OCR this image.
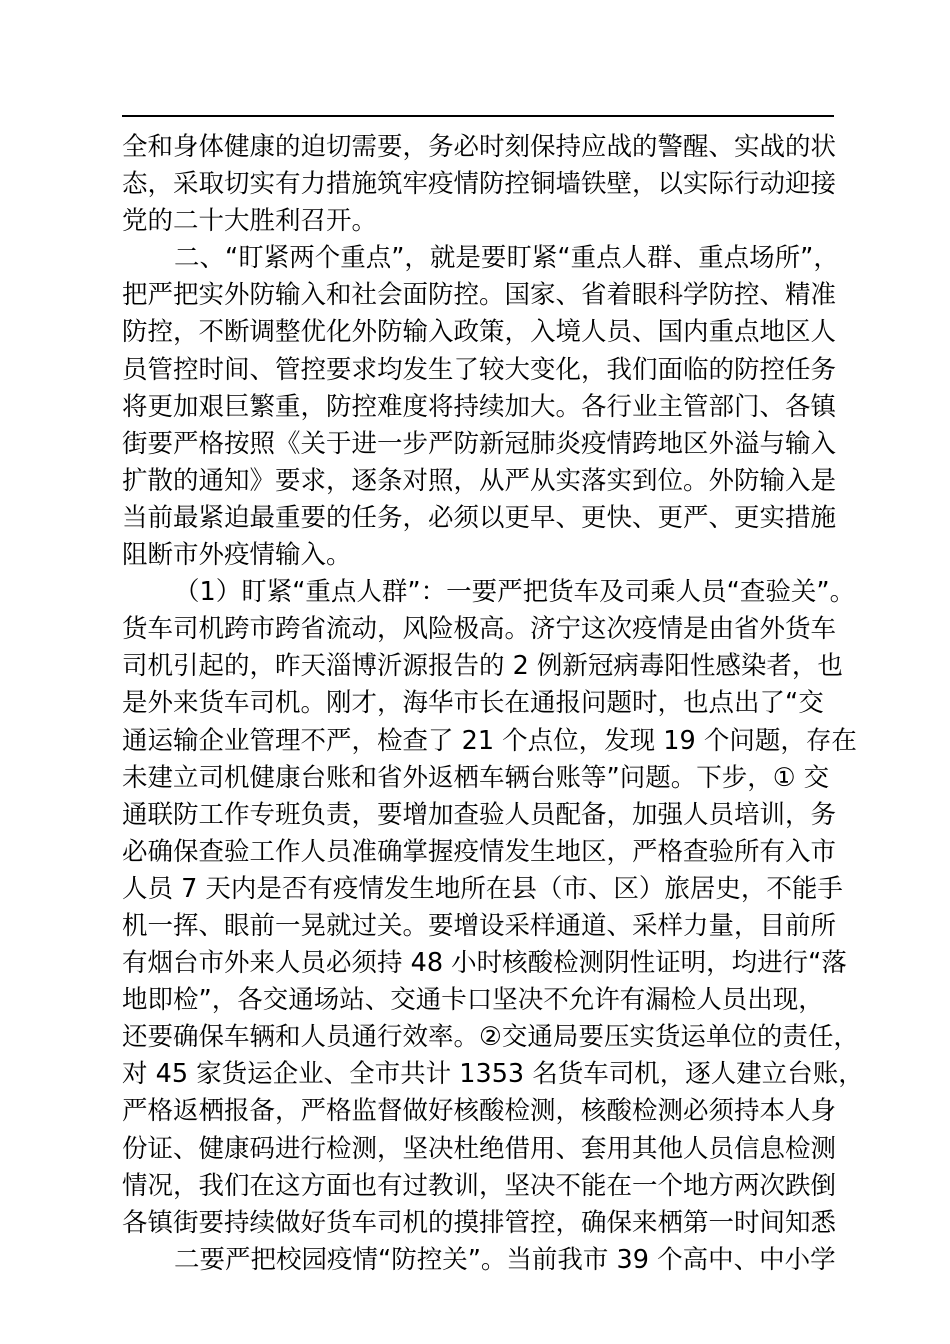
全和身体健康的迫切需要，务必时刻保持应战的警醒、实战的状
态，采取切实有力措施筑牢疫情防控铜墙铁壁，以实际行动迎接
党的二十大胜利召开。
二、“盯紧两个重点”，就是要盯紧“重点人群、重点场所”，
把严把实外防输入和社会面防控。国家、省着眼科学防控、精准
防控，不断调整优化外防输入政策，入境人员、国内重点地区人
员管控时间、管控要求均发生了较大变化，我们面临的防控任务
将更加艰巨繁重，防控难度将持续加大。各行业主管部门、各镇
街要严格按照《关于进一步严防新冠肺炎疫情跨地区外溢与输入
扩散的通知》要求，逐条对照，从严从实落实到位。外防输入是
当前最紧迫最重要的任务，必须以更早、更快、更严、更实措施
阻断市外疫情输入。
（1）盯紧“重点人群”：一要严把货车及司乘人员“查验关”。
货车司机跨市跨省流动，风险极高。济宁这次疫情是由省外货车
司机引起的，昨天淄博沂源报告的 2 例新冠病毒阳性感染者，也
是外来货车司机。刚才，海华市长在通报问题时，也点出了“交
通运输企业管理不严，检查了 21 个点位，发现 19 个问题，存在
未建立司机健康台账和省外返栖车辆台账等”问题。下步，① 交
通联防工作专班负责，要增加查验人员配备，加强人员培训，务
必确保查验工作人员准确掌握疫情发生地区，严格查验所有入市
人员 7 天内是否有疫情发生地所在县（市、区）旅居史，不能手
机一挥、眼前一晃就过关。要增设采样通道、采样力量，目前所
有烟台市外来人员必须持 48 小时核酸检测阴性证明，均进行“落
地即检”，各交通场站、交通卡口坚决不允许有漏检人员出现，
还要确保车辆和人员通行效率。②交通局要压实货运单位的责任，
对 45 家货运企业、全市共计 1353 名货车司机，逐人建立台账，
严格返栖报备，严格监督做好核酸检测，核酸检测必须持本人身
份证、健康码进行检测，坚决杜绝借用、套用其他人员信息检测
情况，我们在这方面也有过教训，坚决不能在一个地方两次跌倒
各镇街要持续做好货车司机的摸排管控，确保来栖第一时间知悉
二要严把校园疫情“防控关”。当前我市 39 个高中、中小学
